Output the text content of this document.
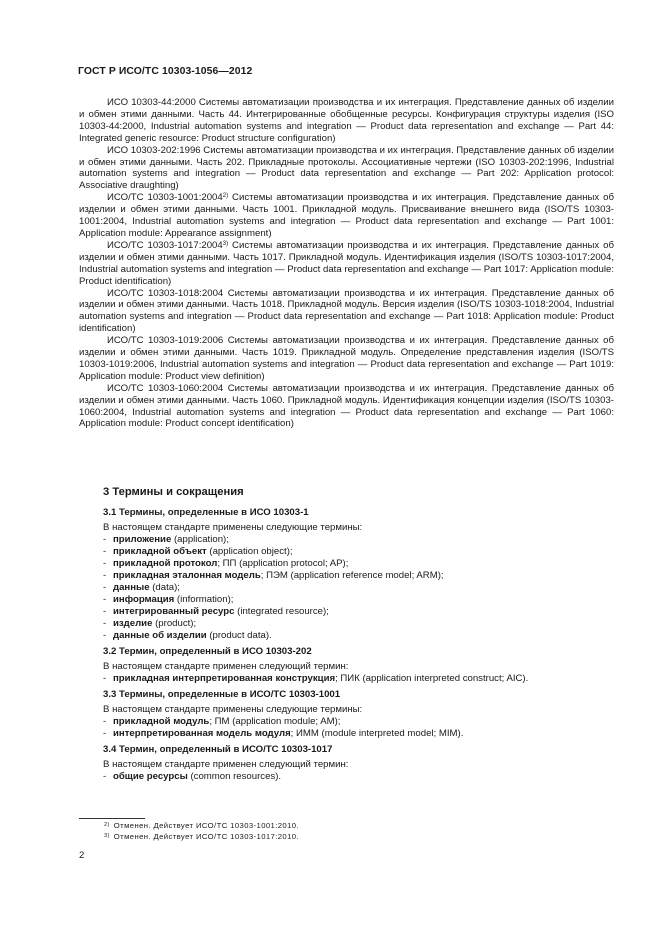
ГОСТ Р ИСО/ТС 10303-1056—2012

ИСО 10303-44:2000 Системы автоматизации производства и их интеграция. Представление данных об изделии и обмен этими данными. Часть 44. Интегрированные обобщенные ресурсы. Конфигурация структуры изделия (ISO 10303-44:2000, Industrial automation systems and integration — Product data representation and exchange — Part 44: Integrated generic resource: Product structure configuration)

ИСО 10303-202:1996 Системы автоматизации производства и их интеграция. Представление данных об изделии и обмен этими данными. Часть 202. Прикладные протоколы. Ассоциативные чертежи (ISO 10303-202:1996, Industrial automation systems and integration — Product data representation and exchange — Part 202: Application protocol: Associative draughting)

ИСО/ТС 10303-1001:2004$^{2)}$ Системы автоматизации производства и их интеграция. Представление данных об изделии и обмен этими данными. Часть 1001. Прикладной модуль. Присваивание внешнего вида (ISO/TS 10303-1001:2004, Industrial automation systems and integration — Product data representation and exchange — Part 1001: Application module: Appearance assignment)

ИСО/ТС 10303-1017:2004$^{3)}$ Системы автоматизации производства и их интеграция. Представление данных об изделии и обмен этими данными. Часть 1017. Прикладной модуль. Идентификация изделия (ISO/TS 10303-1017:2004, Industrial automation systems and integration — Product data representation and exchange — Part 1017: Application module: Product identification)

ИСО/ТС 10303-1018:2004 Системы автоматизации производства и их интеграция. Представление данных об изделии и обмен этими данными. Часть 1018. Прикладной модуль. Версия изделия (ISO/TS 10303-1018:2004, Industrial automation systems and integration — Product data representation and exchange — Part 1018: Application module: Product identification)

ИСО/ТС 10303-1019:2006 Системы автоматизации производства и их интеграция. Представление данных об изделии и обмен этими данными. Часть 1019. Прикладной модуль. Определение представления изделия (ISO/TS 10303-1019:2006, Industrial automation systems and integration — Product data representation and exchange — Part 1019: Application module: Product view definition)

ИСО/ТС 10303-1060:2004 Системы автоматизации производства и их интеграция. Представление данных об изделии и обмен этими данными. Часть 1060. Прикладной модуль. Идентификация концепции изделия (ISO/TS 10303-1060:2004, Industrial automation systems and integration — Product data representation and exchange — Part 1060: Application module: Product concept identification)

3 Термины и сокращения
3.1 Термины, определенные в ИСО 10303-1
В настоящем стандарте применены следующие термины:
- приложение (application);
- прикладной объект (application object);
- прикладной протокол; ПП (application protocol; AP);
- прикладная эталонная модель; ПЭМ (application reference model; ARM);
- данные (data);
- информация (information);
- интегрированный ресурс (integrated resource);
- изделие (product);
- данные об изделии (product data).
3.2 Термин, определенный в ИСО 10303-202
В настоящем стандарте применен следующий термин:
- прикладная интерпретированная конструкция; ПИК (application interpreted construct; AIC).
3.3 Термины, определенные в ИСО/ТС 10303-1001
В настоящем стандарте применены следующие термины:
- прикладной модуль; ПМ (application module; AM);
- интерпретированная модель модуля; ИММ (module interpreted model; MIM).
3.4 Термин, определенный в ИСО/ТС 10303-1017
В настоящем стандарте применен следующий термин:
- общие ресурсы (common resources).
$^{2)}$ Отменен. Действует ИСО/ТС 10303-1001:2010.
$^{3)}$ Отменен. Действует ИСО/ТС 10303-1017:2010.
2
